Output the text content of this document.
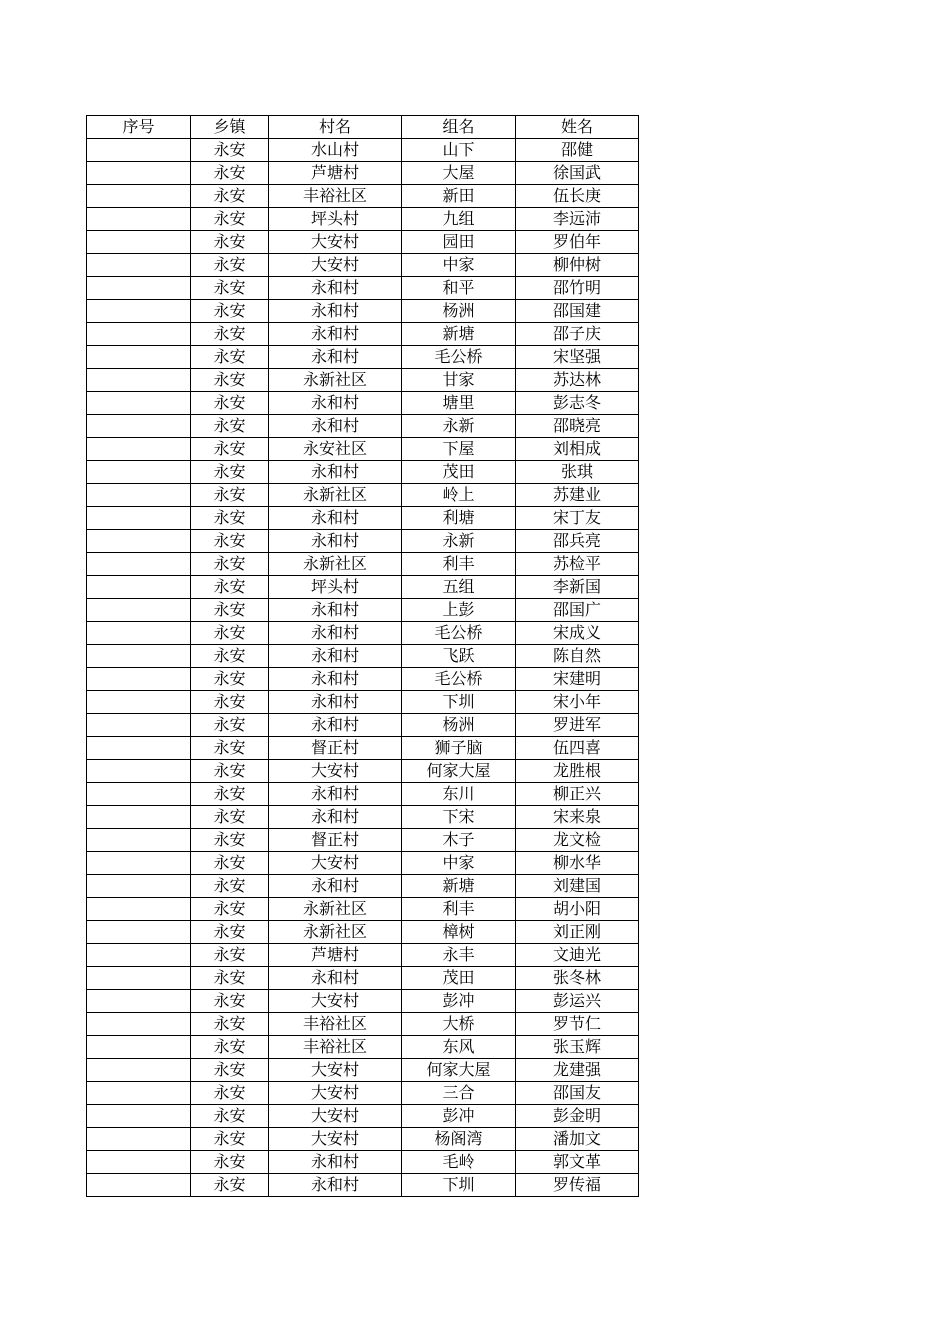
序号	乡镇	村名	组名	姓名
	永安	水山村	山下	邵健
	永安	芦塘村	大屋	徐国武
	永安	丰裕社区	新田	伍长庚
	永安	坪头村	九组	李远沛
	永安	大安村	园田	罗伯年
	永安	大安村	中家	柳仲树
	永安	永和村	和平	邵竹明
	永安	永和村	杨洲	邵国建
	永安	永和村	新塘	邵子庆
	永安	永和村	毛公桥	宋坚强
	永安	永新社区	甘家	苏达林
	永安	永和村	塘里	彭志冬
	永安	永和村	永新	邵晓亮
	永安	永安社区	下屋	刘相成
	永安	永和村	茂田	张琪
	永安	永新社区	岭上	苏建业
	永安	永和村	利塘	宋丁友
	永安	永和村	永新	邵兵亮
	永安	永新社区	利丰	苏检平
	永安	坪头村	五组	李新国
	永安	永和村	上彭	邵国广
	永安	永和村	毛公桥	宋成义
	永安	永和村	飞跃	陈自然
	永安	永和村	毛公桥	宋建明
	永安	永和村	下圳	宋小年
	永安	永和村	杨洲	罗进军
	永安	督正村	狮子脑	伍四喜
	永安	大安村	何家大屋	龙胜根
	永安	永和村	东川	柳正兴
	永安	永和村	下宋	宋来泉
	永安	督正村	木子	龙文检
	永安	大安村	中家	柳水华
	永安	永和村	新塘	刘建国
	永安	永新社区	利丰	胡小阳
	永安	永新社区	樟树	刘正刚
	永安	芦塘村	永丰	文迪光
	永安	永和村	茂田	张冬林
	永安	大安村	彭冲	彭运兴
	永安	丰裕社区	大桥	罗节仁
	永安	丰裕社区	东风	张玉辉
	永安	大安村	何家大屋	龙建强
	永安	大安村	三合	邵国友
	永安	大安村	彭冲	彭金明
	永安	大安村	杨阁湾	潘加文
	永安	永和村	毛岭	郭文革
	永安	永和村	下圳	罗传福
